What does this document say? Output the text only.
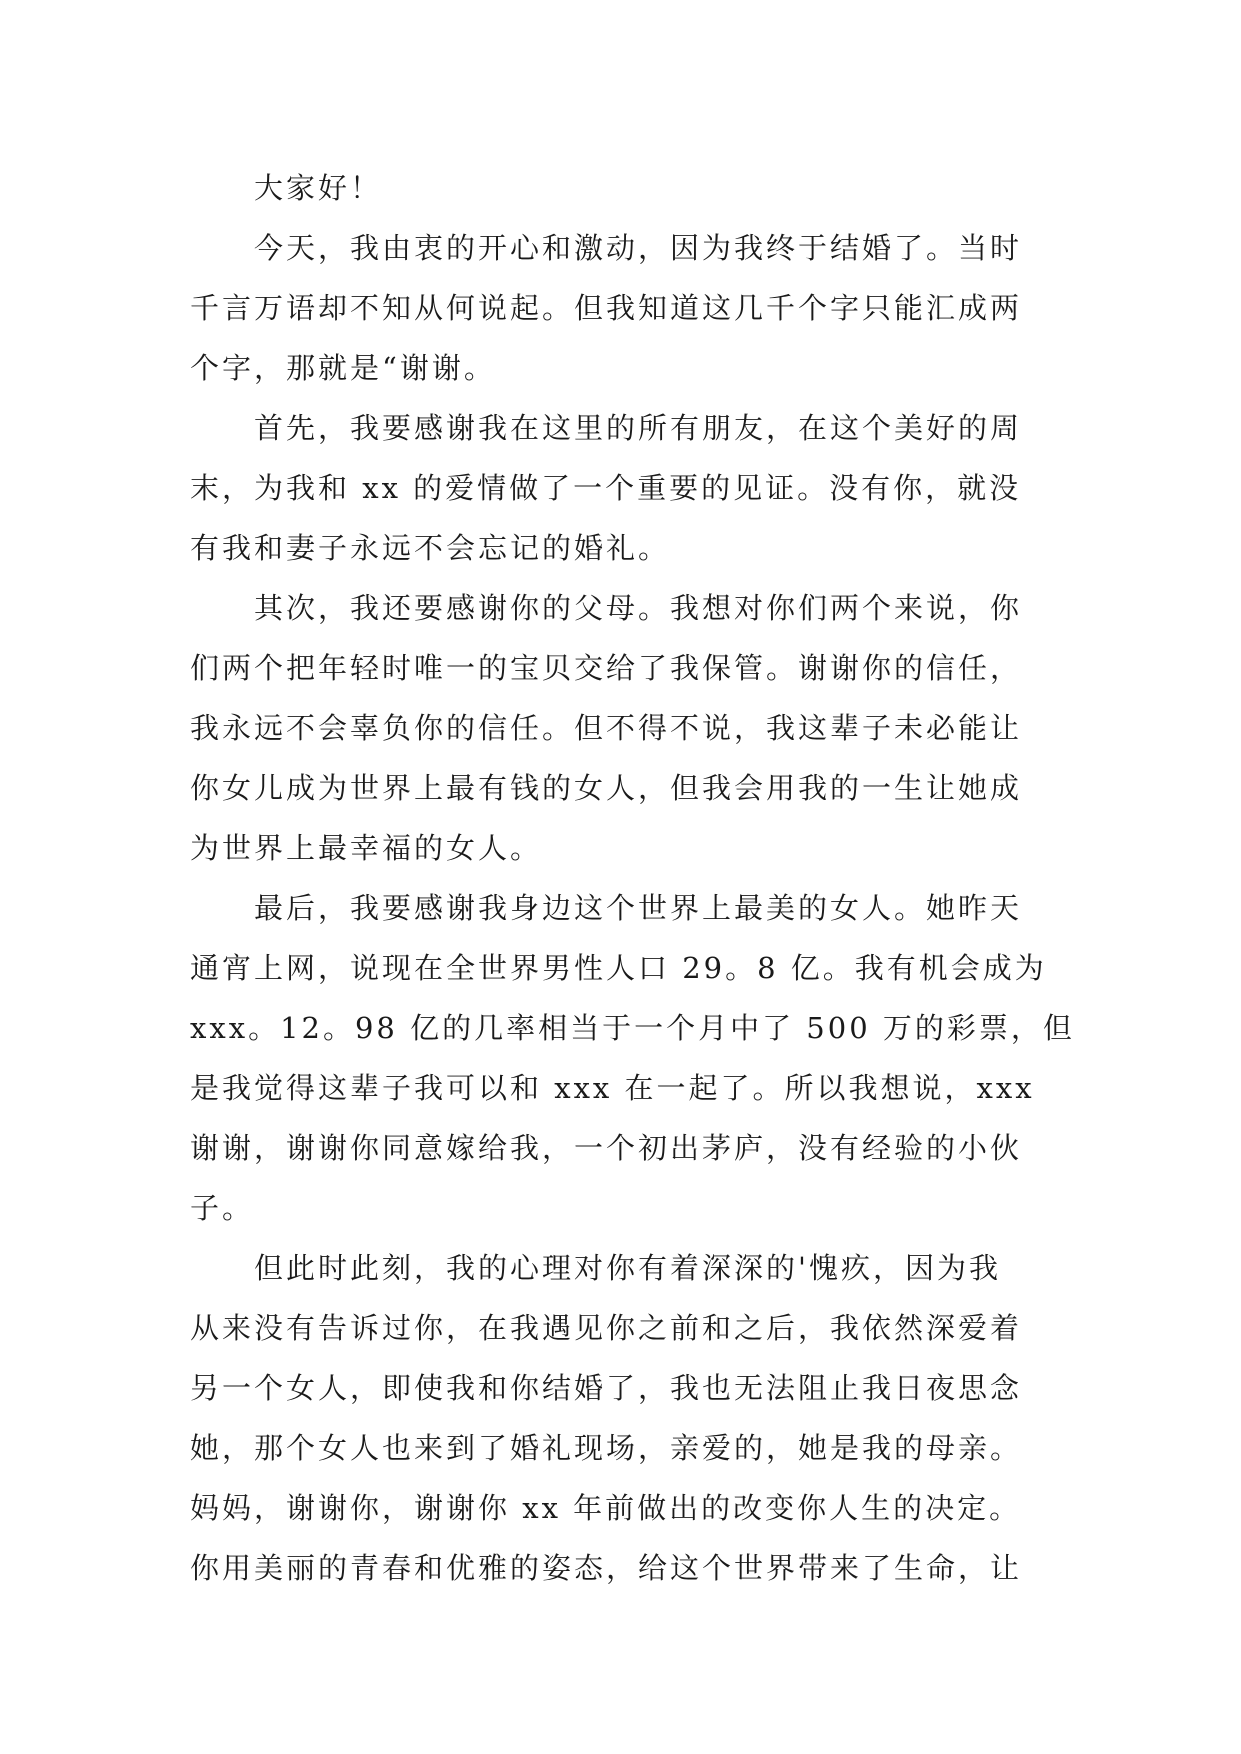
大家好！
今天，我由衷的开心和激动，因为我终于结婚了。当时
千言万语却不知从何说起。但我知道这几千个字只能汇成两
个字，那就是“谢谢。
首先，我要感谢我在这里的所有朋友，在这个美好的周
末，为我和 xx 的爱情做了一个重要的见证。没有你，就没
有我和妻子永远不会忘记的婚礼。
其次，我还要感谢你的父母。我想对你们两个来说，你
们两个把年轻时唯一的宝贝交给了我保管。谢谢你的信任，
我永远不会辜负你的信任。但不得不说，我这辈子未必能让
你女儿成为世界上最有钱的女人，但我会用我的一生让她成
为世界上最幸福的女人。
最后，我要感谢我身边这个世界上最美的女人。她昨天
通宵上网，说现在全世界男性人口 29。8 亿。我有机会成为
xxx。12。98 亿的几率相当于一个月中了 500 万的彩票，但
是我觉得这辈子我可以和 xxx 在一起了。所以我想说，xxx
谢谢，谢谢你同意嫁给我，一个初出茅庐，没有经验的小伙
子。
但此时此刻，我的心理对你有着深深的'愧疚，因为我
从来没有告诉过你，在我遇见你之前和之后，我依然深爱着
另一个女人，即使我和你结婚了，我也无法阻止我日夜思念
她，那个女人也来到了婚礼现场，亲爱的，她是我的母亲。
妈妈，谢谢你，谢谢你 xx 年前做出的改变你人生的决定。
你用美丽的青春和优雅的姿态，给这个世界带来了生命，让
